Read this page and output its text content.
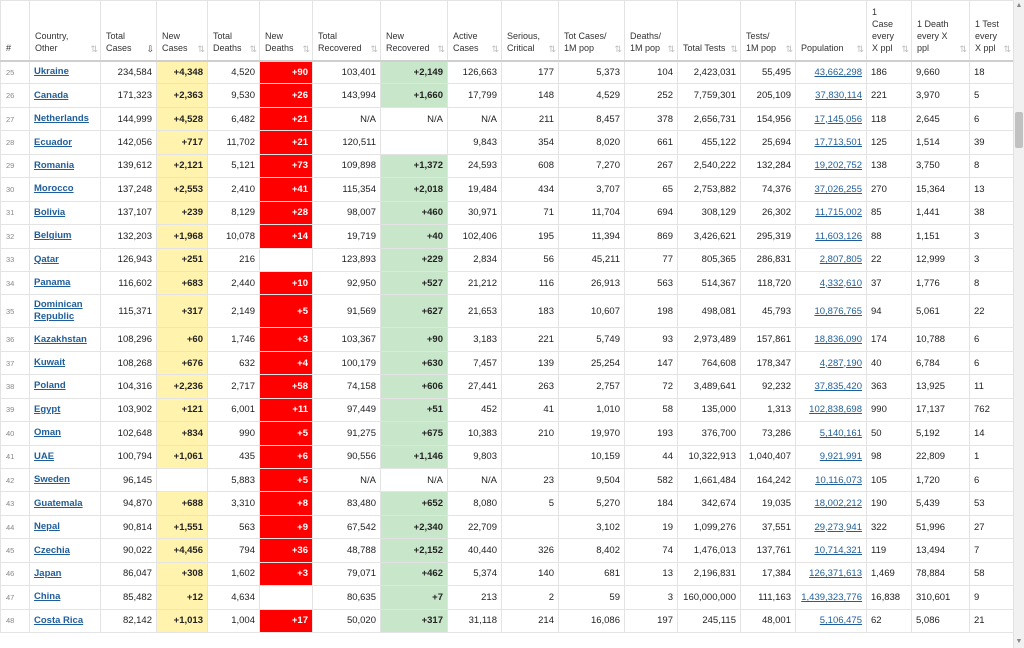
#	Country, Other ⇅	Total Cases ⇩	New Cases ⇅	Total Deaths ⇅	New Deaths ⇅	Total Recovered ⇅	New Recovered ⇅	Active Cases ⇅	Serious, Critical ⇅	Tot Cases/ 1M pop ⇅	Deaths/ 1M pop ⇅	Total Tests ⇅	Tests/ 1M pop ⇅	Population ⇅	1 Case every X ppl ⇅	1 Death every X ppl ⇅	1 Test every X ppl ⇅

25	Ukraine	234,584	+4,348	4,520	+90	103,401	+2,149	126,663	177	5,373	104	2,423,031	55,495	43,662,298	186	9,660	18
26	Canada	171,323	+2,363	9,530	+26	143,994	+1,660	17,799	148	4,529	252	7,759,301	205,109	37,830,114	221	3,970	5
27	Netherlands	144,999	+4,528	6,482	+21	N/A	N/A	N/A	211	8,457	378	2,656,731	154,956	17,145,056	118	2,645	6
28	Ecuador	142,056	+717	11,702	+21	120,511		9,843	354	8,020	661	455,122	25,694	17,713,501	125	1,514	39
29	Romania	139,612	+2,121	5,121	+73	109,898	+1,372	24,593	608	7,270	267	2,540,222	132,284	19,202,752	138	3,750	8
30	Morocco	137,248	+2,553	2,410	+41	115,354	+2,018	19,484	434	3,707	65	2,753,882	74,376	37,026,255	270	15,364	13
31	Bolivia	137,107	+239	8,129	+28	98,007	+460	30,971	71	11,704	694	308,129	26,302	11,715,002	85	1,441	38
32	Belgium	132,203	+1,968	10,078	+14	19,719	+40	102,406	195	11,394	869	3,426,621	295,319	11,603,126	88	1,151	3
33	Qatar	126,943	+251	216		123,893	+229	2,834	56	45,211	77	805,365	286,831	2,807,805	22	12,999	3
34	Panama	116,602	+683	2,440	+10	92,950	+527	21,212	116	26,913	563	514,367	118,720	4,332,610	37	1,776	8
35	Dominican Republic	115,371	+317	2,149	+5	91,569	+627	21,653	183	10,607	198	498,081	45,793	10,876,765	94	5,061	22
36	Kazakhstan	108,296	+60	1,746	+3	103,367	+90	3,183	221	5,749	93	2,973,489	157,861	18,836,090	174	10,788	6
37	Kuwait	108,268	+676	632	+4	100,179	+630	7,457	139	25,254	147	764,608	178,347	4,287,190	40	6,784	6
38	Poland	104,316	+2,236	2,717	+58	74,158	+606	27,441	263	2,757	72	3,489,641	92,232	37,835,420	363	13,925	11
39	Egypt	103,902	+121	6,001	+11	97,449	+51	452	41	1,010	58	135,000	1,313	102,838,698	990	17,137	762
40	Oman	102,648	+834	990	+5	91,275	+675	10,383	210	19,970	193	376,700	73,286	5,140,161	50	5,192	14
41	UAE	100,794	+1,061	435	+6	90,556	+1,146	9,803		10,159	44	10,322,913	1,040,407	9,921,991	98	22,809	1
42	Sweden	96,145		5,883	+5	N/A	N/A	N/A	23	9,504	582	1,661,484	164,242	10,116,073	105	1,720	6
43	Guatemala	94,870	+688	3,310	+8	83,480	+652	8,080	5	5,270	184	342,674	19,035	18,002,212	190	5,439	53
44	Nepal	90,814	+1,551	563	+9	67,542	+2,340	22,709		3,102	19	1,099,276	37,551	29,273,941	322	51,996	27
45	Czechia	90,022	+4,456	794	+36	48,788	+2,152	40,440	326	8,402	74	1,476,013	137,761	10,714,321	119	13,494	7
46	Japan	86,047	+308	1,602	+3	79,071	+462	5,374	140	681	13	2,196,831	17,384	126,371,613	1,469	78,884	58
47	China	85,482	+12	4,634		80,635	+7	213	2	59	3	160,000,000	111,163	1,439,323,776	16,838	310,601	9
48	Costa Rica	82,142	+1,013	1,004	+17	50,020	+317	31,118	214	16,086	197	245,115	48,001	5,106,475	62	5,086	21
▲
▼
